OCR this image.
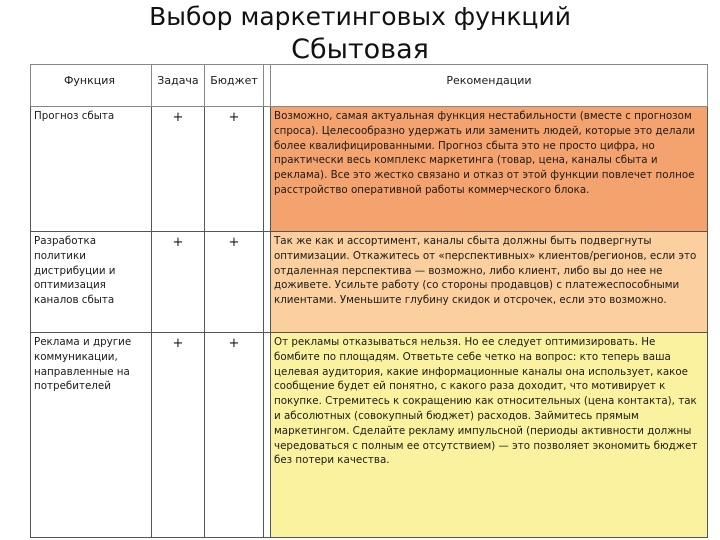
Выбор маркетинговых функций
Сбытовая
Функция	Задача	Бюджет		Рекомендации
Прогноз сбыта	+	+		Возможно, самая актуальная функция нестабильности (вместе с прогнозом спроса). Целесообразно удержать или заменить людей, которые это делали более квалифицированными. Прогноз сбыта это не просто цифра, но практически весь комплекс маркетинга (товар, цена, каналы сбыта и реклама). Все это жестко связано и отказ от этой функции повлечет полное расстройство оперативной работы коммерческого блока.
Разработка политики дистрибуции и оптимизация каналов сбыта	+	+		Так же как и ассортимент, каналы сбыта должны быть подвергнуты оптимизации. Откажитесь от «перспективных» клиентов/регионов, если это отдаленная перспектива — возможно, либо клиент, либо вы до нее не доживете. Усильте работу (со стороны продавцов) с платежеспособными клиентами. Уменьшите глубину скидок и отсрочек, если это возможно.
Реклама и другие коммуникации, направленные на потребителей	+	+		От рекламы отказываться нельзя. Но ее следует оптимизировать. Не бомбите по площадям. Ответьте себе четко на вопрос: кто теперь ваша целевая аудитория, какие информационные каналы она использует, какое сообщение будет ей понятно, с какого раза доходит, что мотивирует к покупке. Стремитесь к сокращению как относительных (цена контакта), так и абсолютных (совокупный бюджет) расходов. Займитесь прямым маркетингом. Сделайте рекламу импульсной (периоды активности должны чередоваться с полным ее отсутствием) — это позволяет экономить бюджет без потери качества.
